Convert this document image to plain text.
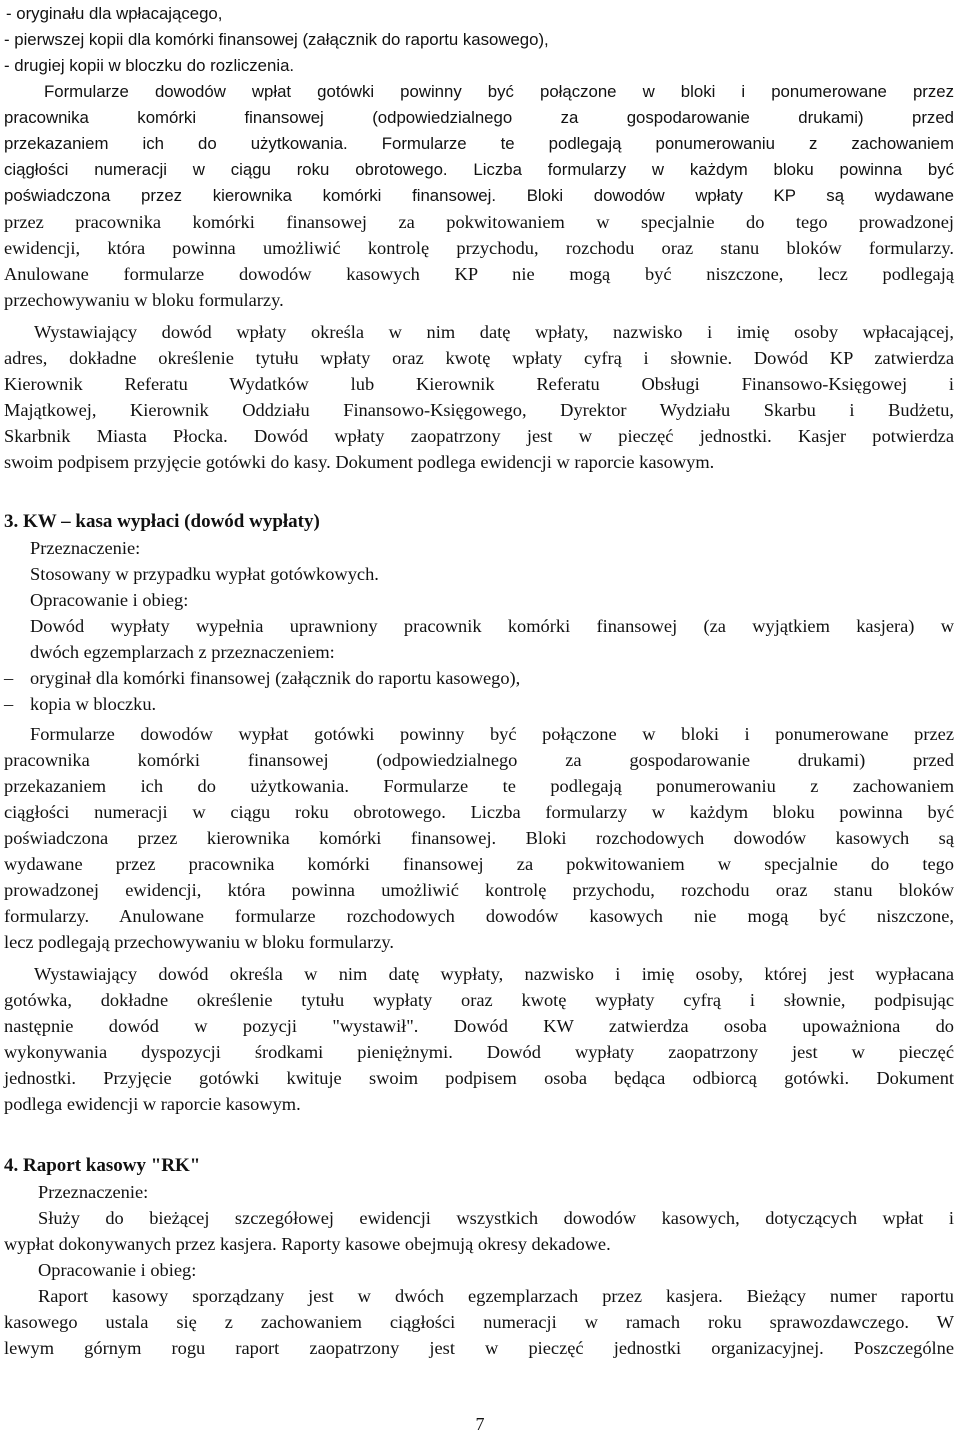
- oryginału dla wpłacającego,
- pierwszej kopii dla komórki finansowej (załącznik do raportu kasowego),
- drugiej kopii w bloczku do rozliczenia.
Formularze dowodów wpłat gotówki powinny być połączone w bloki i ponumerowane przez
pracownika komórki finansowej (odpowiedzialnego za gospodarowanie drukami) przed
przekazaniem ich do użytkowania. Formularze te podlegają ponumerowaniu z zachowaniem
ciągłości numeracji w ciągu roku obrotowego. Liczba formularzy w każdym bloku powinna być
poświadczona przez kierownika komórki finansowej. Bloki dowodów wpłaty KP są wydawane
przez pracownika komórki finansowej za pokwitowaniem w specjalnie do tego prowadzonej
ewidencji, która powinna umożliwić kontrolę przychodu, rozchodu oraz stanu bloków formularzy.
Anulowane formularze dowodów kasowych KP nie mogą być niszczone, lecz podlegają
przechowywaniu w bloku formularzy.
Wystawiający dowód wpłaty określa w nim datę wpłaty, nazwisko i imię osoby wpłacającej,
adres, dokładne określenie tytułu wpłaty oraz kwotę wpłaty cyfrą i słownie. Dowód KP zatwierdza
Kierownik Referatu Wydatków lub Kierownik Referatu Obsługi Finansowo-Księgowej i
Majątkowej, Kierownik Oddziału Finansowo-Księgowego, Dyrektor Wydziału Skarbu i Budżetu,
Skarbnik Miasta Płocka. Dowód wpłaty zaopatrzony jest w pieczęć jednostki. Kasjer potwierdza
swoim podpisem przyjęcie gotówki do kasy. Dokument podlega ewidencji w raporcie kasowym.
3. KW – kasa wypłaci (dowód wypłaty)
Przeznaczenie:
Stosowany w przypadku wypłat gotówkowych.
Opracowanie i obieg:
Dowód wypłaty wypełnia uprawniony pracownik komórki finansowej (za wyjątkiem kasjera) w
dwóch egzemplarzach z przeznaczeniem:
– oryginał dla komórki finansowej (załącznik do raportu kasowego),
– kopia w bloczku.
Formularze dowodów wypłat gotówki powinny być połączone w bloki i ponumerowane przez
pracownika komórki finansowej (odpowiedzialnego za gospodarowanie drukami) przed
przekazaniem ich do użytkowania. Formularze te podlegają ponumerowaniu z zachowaniem
ciągłości numeracji w ciągu roku obrotowego. Liczba formularzy w każdym bloku powinna być
poświadczona przez kierownika komórki finansowej. Bloki rozchodowych dowodów kasowych są
wydawane przez pracownika komórki finansowej za pokwitowaniem w specjalnie do tego
prowadzonej ewidencji, która powinna umożliwić kontrolę przychodu, rozchodu oraz stanu bloków
formularzy. Anulowane formularze rozchodowych dowodów kasowych nie mogą być niszczone,
lecz podlegają przechowywaniu w bloku formularzy.
Wystawiający dowód określa w nim datę wypłaty, nazwisko i imię osoby, której jest wypłacana
gotówka, dokładne określenie tytułu wypłaty oraz kwotę wypłaty cyfrą i słownie, podpisując
następnie dowód w pozycji "wystawił". Dowód KW zatwierdza osoba upoważniona do
wykonywania dyspozycji środkami pieniężnymi. Dowód wypłaty zaopatrzony jest w pieczęć
jednostki. Przyjęcie gotówki kwituje swoim podpisem osoba będąca odbiorcą gotówki. Dokument
podlega ewidencji w raporcie kasowym.
4. Raport kasowy "RK"
Przeznaczenie:
Służy do bieżącej szczegółowej ewidencji wszystkich dowodów kasowych, dotyczących wpłat i
wypłat dokonywanych przez kasjera. Raporty kasowe obejmują okresy dekadowe.
Opracowanie i obieg:
Raport kasowy sporządzany jest w dwóch egzemplarzach przez kasjera. Bieżący numer raportu
kasowego ustala się z zachowaniem ciągłości numeracji w ramach roku sprawozdawczego. W
lewym górnym rogu raport zaopatrzony jest w pieczęć jednostki organizacyjnej. Poszczególne
7
